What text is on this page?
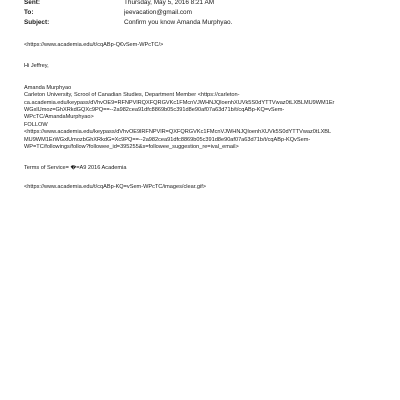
Sent:	Thursday, May 5, 2016 8:21 AM
To:	jeevacation@gmail.com
Subject:	Confirm you know Amanda Murphyao.
<https://www.academia.edu/t/cqABp-Q€vSem-WPcTC/>
Hi Jeffrey,
Amanda Murphyao
Carleton University, Scrool of Canadian Studies, Department Member <https://carleton-
ca.academia.edu/keypass/dVhvOE9=RFNPVlRQXFQRGVKc1FMcnVJWHNJQloenhXUVk5S0dYTTVwaz0tLXBLMU9WM1Er
WGxlUmoz=GhXRkdGQXc9PQ==--2a982cea91dfc8869b05c391d8e90af07a63d71b/t/cqABp-KQ=vSem-
WPcTC/AmandaMurphyao>
FOLLOW
<https://www.academia.edu/keypass/dVhvOE9lRFNPVlR=QXFQRGVKc1FMcnVJWHNJQloenhXUVk5S0dYTTVwaz0tLXBL
MU9WM1ErWGxlUmozbGhXRkdG=Xc9PQ==--2a982cea91dfc8869b05c391d8e90af07a63d71b/t/cqABp-KQvSem-
WP=TC/followings/follow?followee_id=395255&s=followee_suggestion_re=ival_email>
Terms of Service= �=A9 2016 Academia
<https://www.academia.edu/t/cqABp-KQ=vSem-WPcTC/images/clear.gif>
